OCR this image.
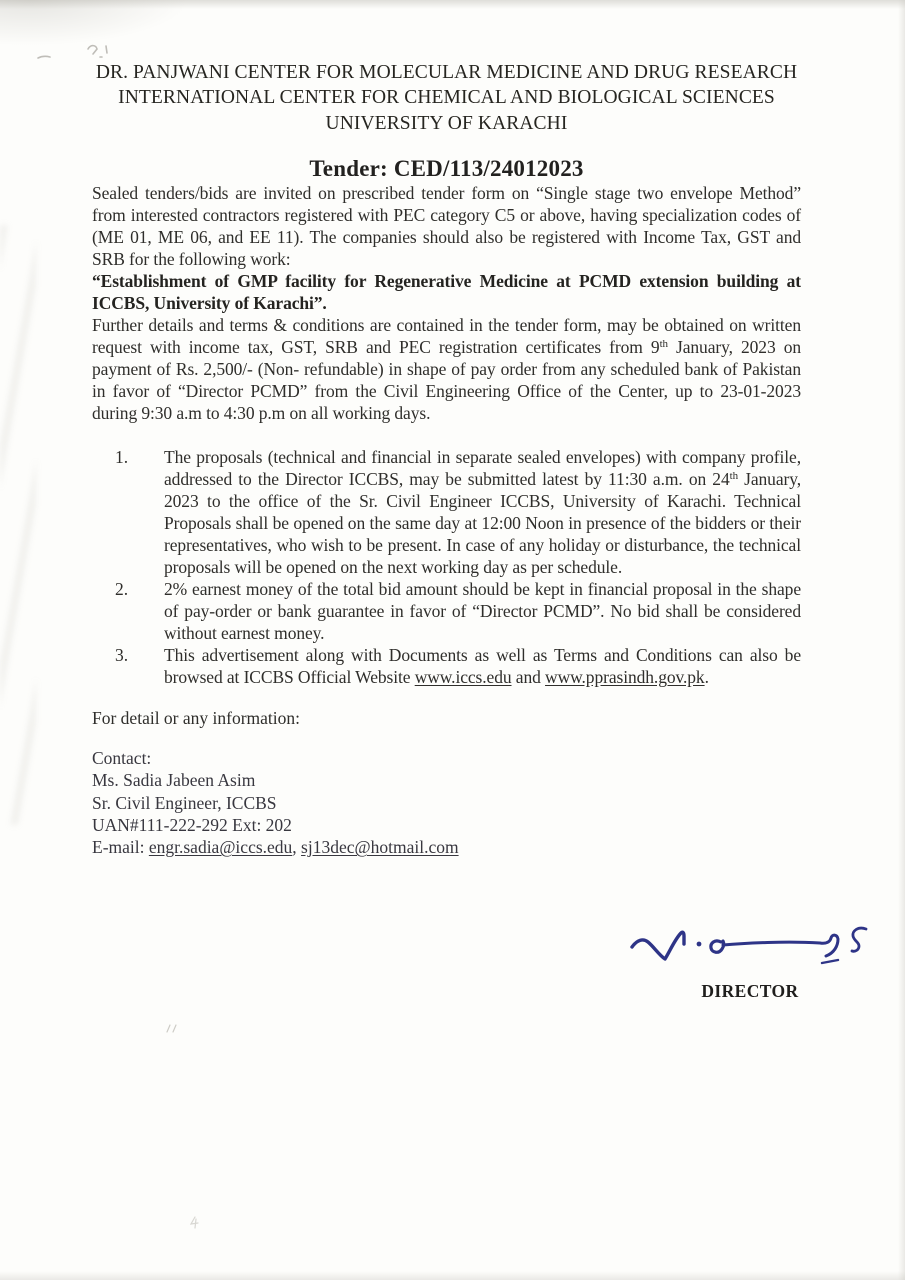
DR. PANJWANI CENTER FOR MOLECULAR MEDICINE AND DRUG RESEARCH
INTERNATIONAL CENTER FOR CHEMICAL AND BIOLOGICAL SCIENCES
UNIVERSITY OF KARACHI
Tender: CED/113/24012023

Sealed tenders/bids are invited on prescribed tender form on “Single stage two envelope Method” from interested contractors registered with PEC category C5 or above, having specialization codes of (ME 01, ME 06, and EE 11). The companies should also be registered with Income Tax, GST and SRB for the following work:

“Establishment of GMP facility for Regenerative Medicine at PCMD extension building at ICCBS, University of Karachi”.

Further details and terms & conditions are contained in the tender form, may be obtained on written request with income tax, GST, SRB and PEC registration certificates from 9th January, 2023 on payment of Rs. 2,500/- (Non- refundable) in shape of pay order from any scheduled bank of Pakistan in favor of “Director PCMD” from the Civil Engineering Office of the Center, up to 23-01-2023 during 9:30 a.m to 4:30 p.m on all working days.

1.	The proposals (technical and financial in separate sealed envelopes) with company profile, addressed to the Director ICCBS, may be submitted latest by 11:30 a.m. on 24th January, 2023 to the office of the Sr. Civil Engineer ICCBS, University of Karachi. Technical Proposals shall be opened on the same day at 12:00 Noon in presence of the bidders or their representatives, who wish to be present. In case of any holiday or disturbance, the technical proposals will be opened on the next working day as per schedule.
2.	2% earnest money of the total bid amount should be kept in financial proposal in the shape of pay-order or bank guarantee in favor of “Director PCMD”. No bid shall be considered without earnest money.
3.	This advertisement along with Documents as well as Terms and Conditions can also be browsed at ICCBS Official Website www.iccs.edu and www.pprasindh.gov.pk.

For detail or any information:

Contact:
Ms. Sadia Jabeen Asim
Sr. Civil Engineer, ICCBS
UAN#111-222-292 Ext: 202
E-mail: engr.sadia@iccs.edu, sj13dec@hotmail.com
DIRECTOR
